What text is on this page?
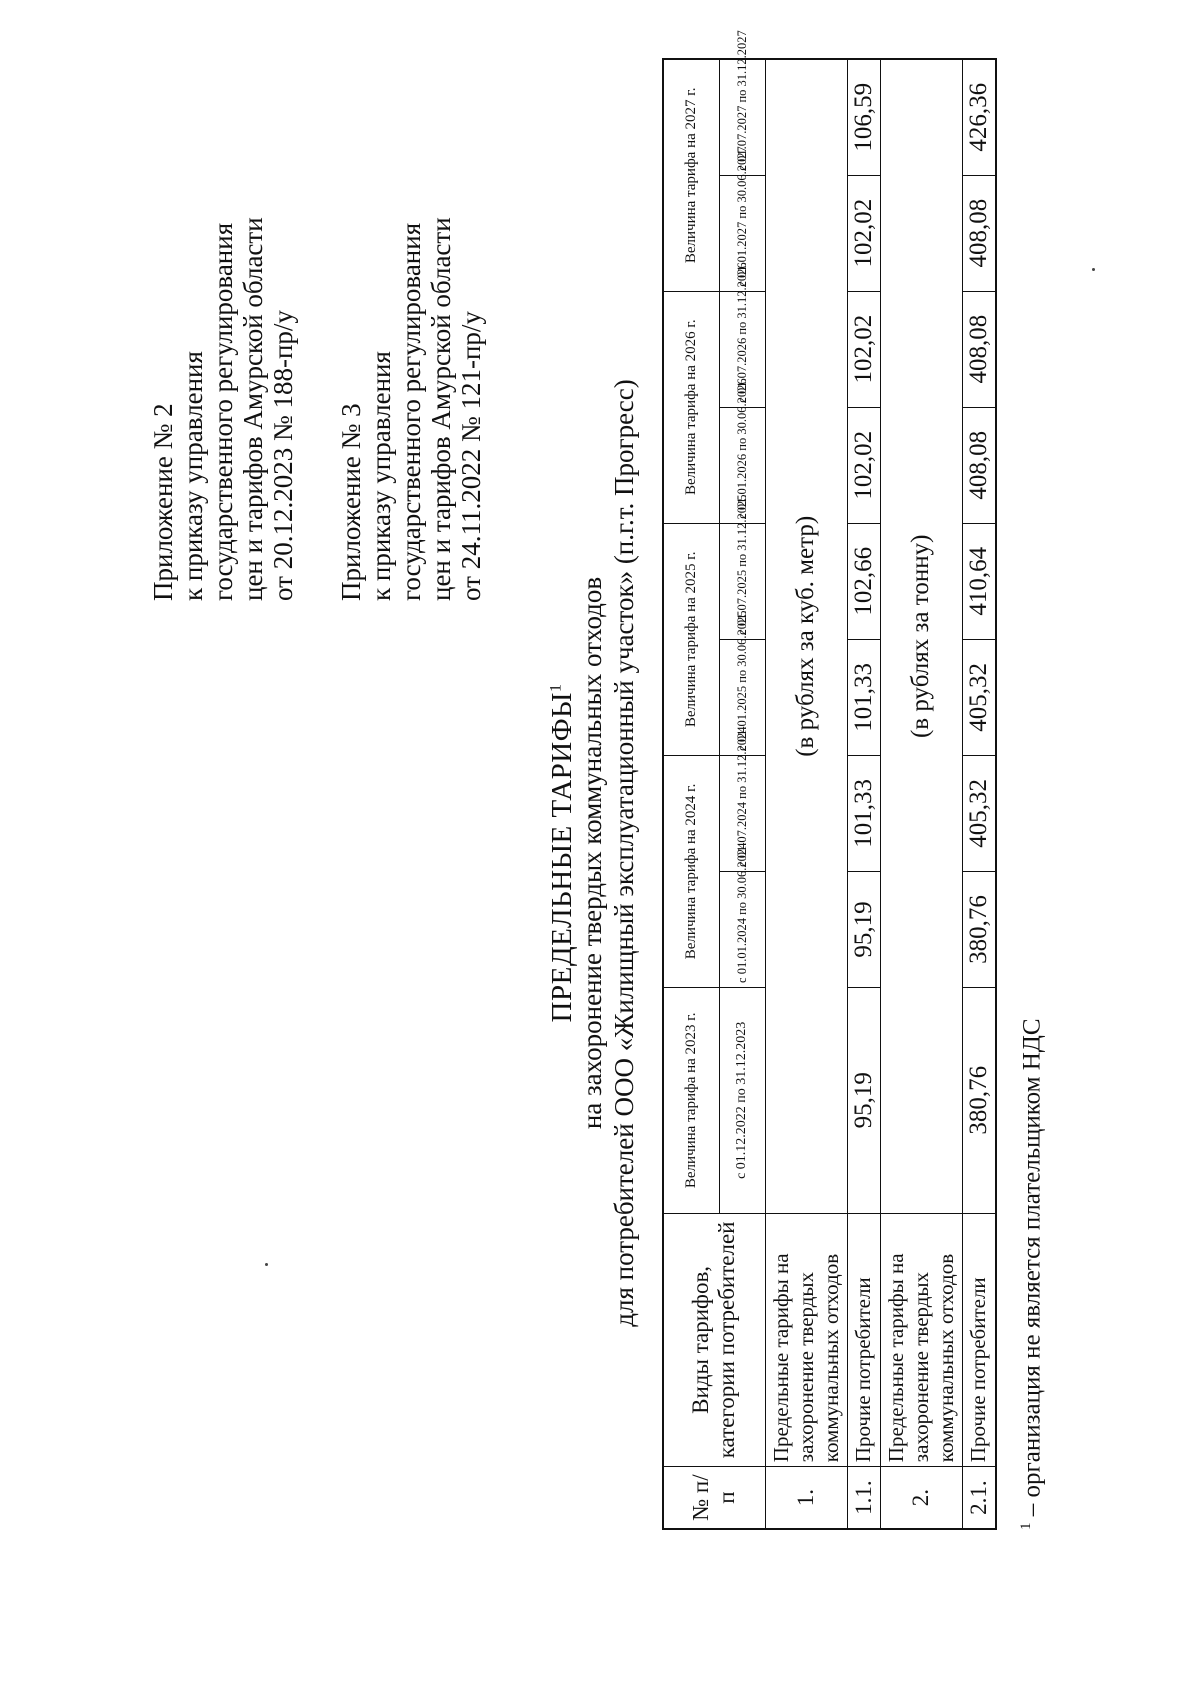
Приложение № 2 к приказу управления государственного регулирования цен и тарифов Амурской области от 20.12.2023 № 188-пр/у Приложение № 3 к приказу управления государственного регулирования цен и тарифов Амурской области от 24.11.2022 № 121-пр/у
ПРЕДЕЛЬНЫЕ ТАРИФЫ$^1$ на захоронение твердых коммунальных отходов для потребителей ООО «Жилищный эксплуатационный участок» (п.г.т. Прогресс)
№ п/п	Виды тарифов, категории потребителей	Величина тарифа на 2023 г.	Величина тарифа на 2024 г.		Величина тарифа на 2025 г.		Величина тарифа на 2026 г.		Величина тарифа на 2027 г.	
		с 01.12.2022 по 31.12.2023	с 01.01.2024 по 30.06.2024	с 01.07.2024 по 31.12.2024	с 01.01.2025 по 30.06.2025	с 01.07.2025 по 31.12.2025	с 01.01.2026 по 30.06.2026	с 01.07.2026 по 31.12.2026	с 01.01.2027 по 30.06.2027	с 01.07.2027 по 31.12.2027
1.	Предельные тарифы на захоронение твердых коммунальных отходов	(в рублях за куб. метр)								
1.1.	Прочие потребители	95,19	95,19	101,33	101,33	102,66	102,02	102,02	102,02	106,59
2.	Предельные тарифы на захоронение твердых коммунальных отходов	(в рублях за тонну)								
2.1.	Прочие потребители	380,76	380,76	405,32	405,32	410,64	408,08	408,08	408,08	426,36
$^1$ – организация не является плательщиком НДС
